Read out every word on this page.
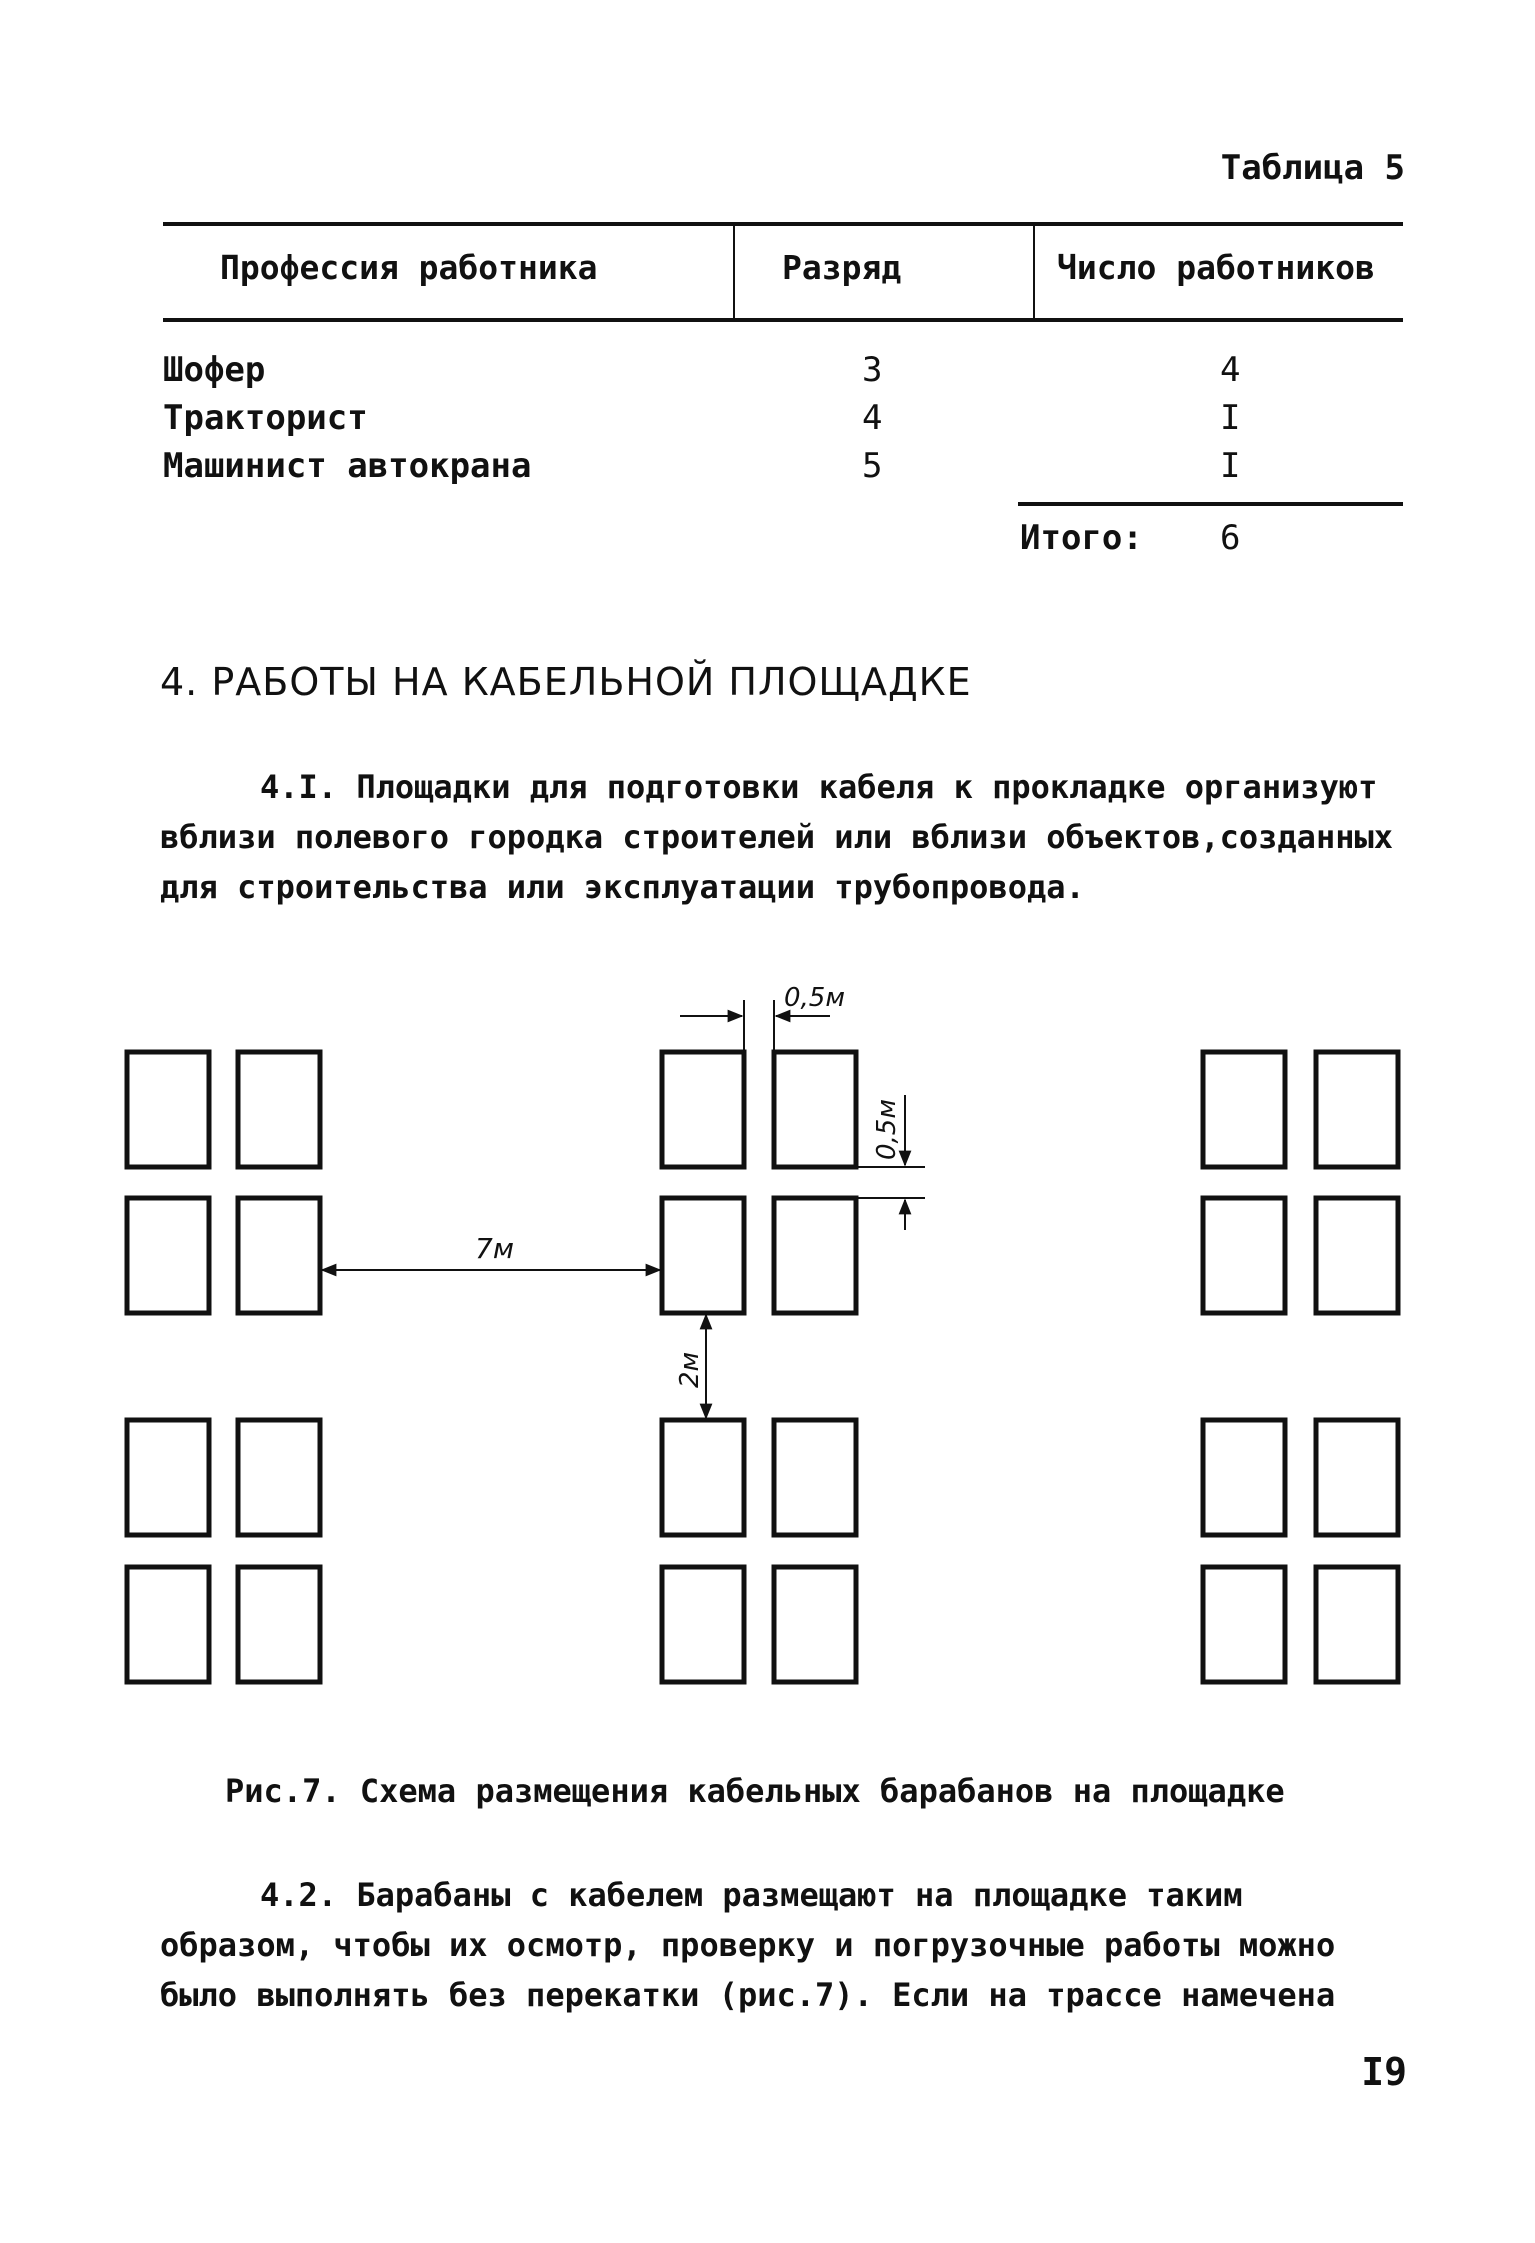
Таблица 5
Профессия работника	Разряд	Число работников
Шофер	3	4
Тракторист	4	I
Машинист автокрана	5	I
Итого: 6
4. РАБОТЫ НА КАБЕЛЬНОЙ ПЛОЩАДКЕ
4.I. Площадки для подготовки кабеля к прокладке организуют вблизи полевого городка строителей или вблизи объектов,созданных для строительства или эксплуатации трубопровода.
0,5м
0,5м
7м
2м
Рис.7. Схема размещения кабельных барабанов на площадке
4.2. Барабаны с кабелем размещают на площадке таким образом, чтобы их осмотр, проверку и погрузочные работы можно было выполнять без перекатки (рис.7). Если на трассе намечена
I9
